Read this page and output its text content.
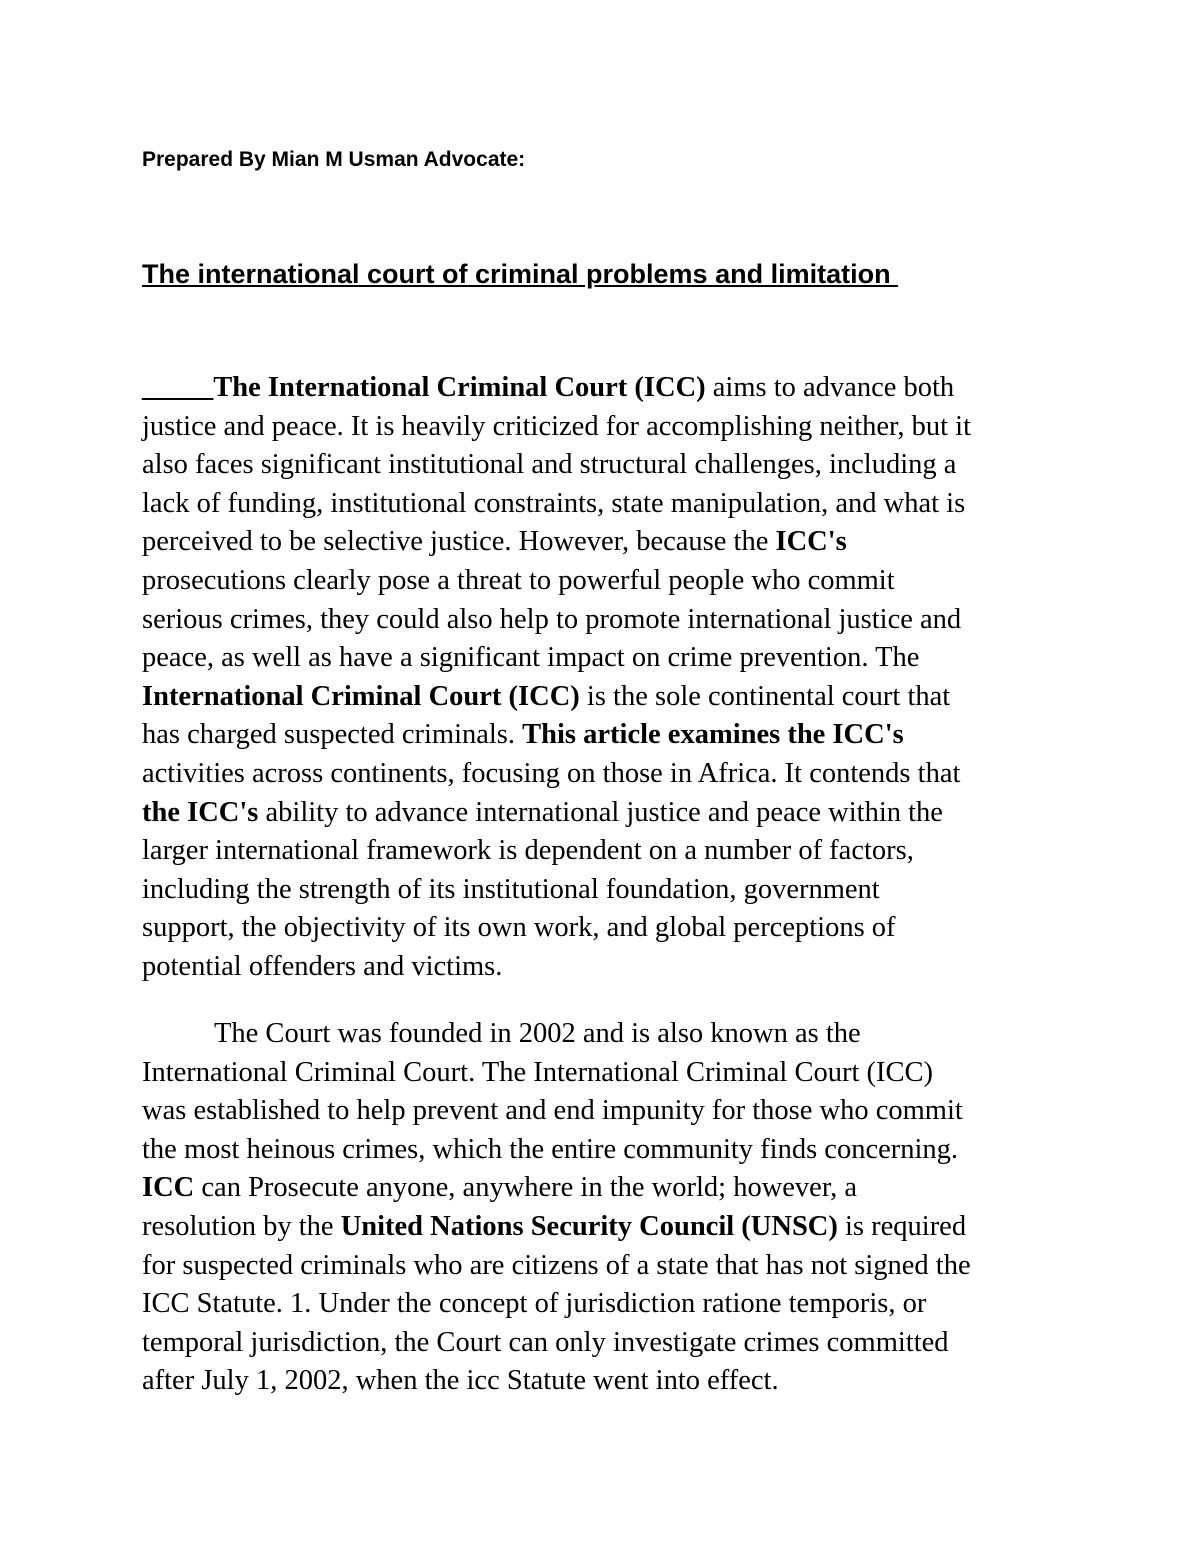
Prepared By Mian M Usman Advocate:

The international court of criminal problems and limitation
_____The International Criminal Court (ICC) aims to advance both
justice and peace. It is heavily criticized for accomplishing neither, but it
also faces significant institutional and structural challenges, including a
lack of funding, institutional constraints, state manipulation, and what is
perceived to be selective justice. However, because the ICC's
prosecutions clearly pose a threat to powerful people who commit
serious crimes, they could also help to promote international justice and
peace, as well as have a significant impact on crime prevention. The
International Criminal Court (ICC) is the sole continental court that
has charged suspected criminals. This article examines the ICC's
activities across continents, focusing on those in Africa. It contends that
the ICC's ability to advance international justice and peace within the
larger international framework is dependent on a number of factors,
including the strength of its institutional foundation, government
support, the objectivity of its own work, and global perceptions of
potential offenders and victims.
The Court was founded in 2002 and is also known as the
International Criminal Court. The International Criminal Court (ICC)
was established to help prevent and end impunity for those who commit
the most heinous crimes, which the entire community finds concerning.
ICC can Prosecute anyone, anywhere in the world; however, a
resolution by the United Nations Security Council (UNSC) is required
for suspected criminals who are citizens of a state that has not signed the
ICC Statute. 1. Under the concept of jurisdiction ratione temporis, or
temporal jurisdiction, the Court can only investigate crimes committed
after July 1, 2002, when the icc Statute went into effect.
